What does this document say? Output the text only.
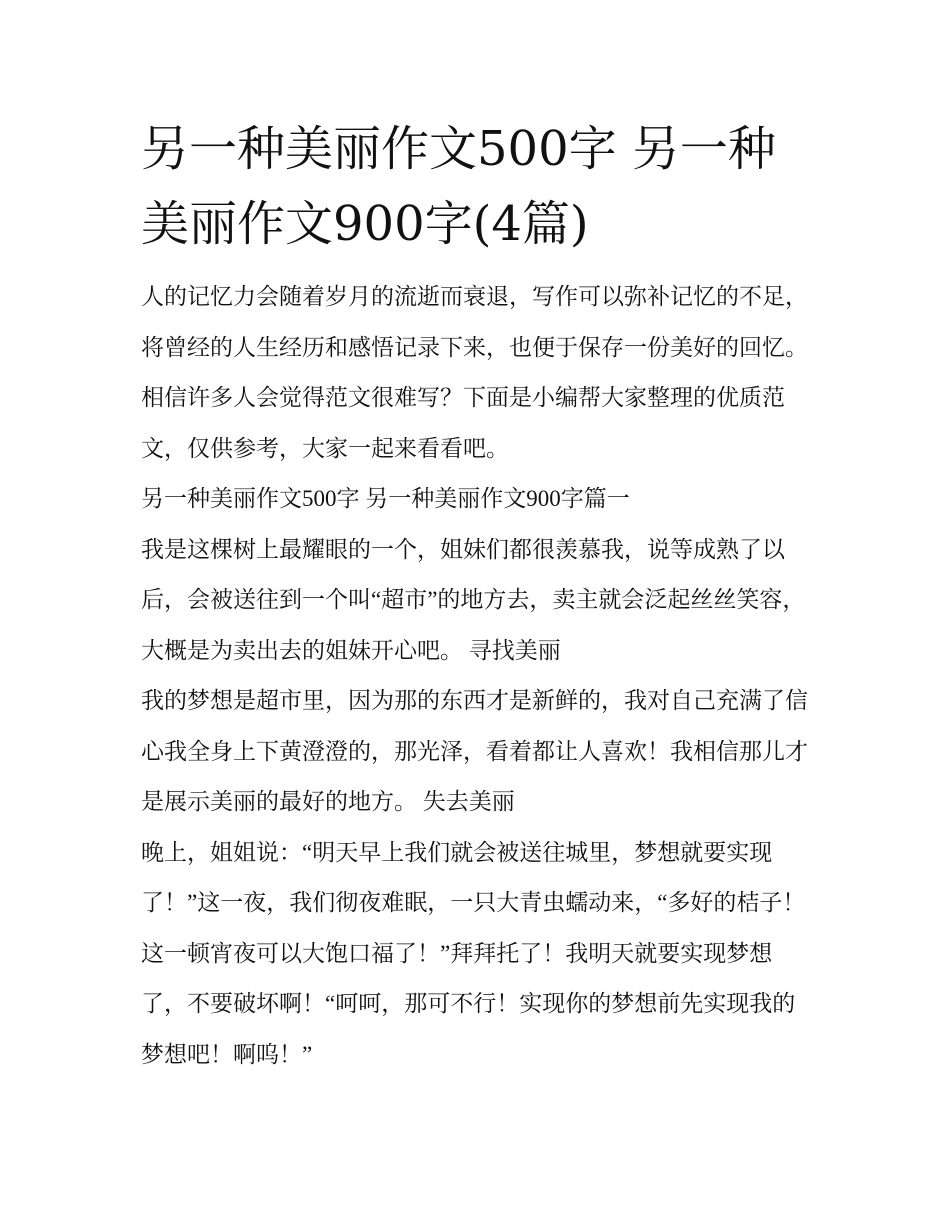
另一种美丽作文500字 另一种美丽作文900字(4篇)

人的记忆力会随着岁月的流逝而衰退，写作可以弥补记忆的不足，将曾经的人生经历和感悟记录下来，也便于保存一份美好的回忆。相信许多人会觉得范文很难写？下面是小编帮大家整理的优质范文，仅供参考，大家一起来看看吧。

另一种美丽作文500字 另一种美丽作文900字篇一

我是这棵树上最耀眼的一个，姐妹们都很羡慕我，说等成熟了以后，会被送往到一个叫“超市”的地方去，卖主就会泛起丝丝笑容，大概是为卖出去的姐妹开心吧。 寻找美丽

我的梦想是超市里，因为那的东西才是新鲜的，我对自己充满了信心我全身上下黄澄澄的，那光泽，看着都让人喜欢！我相信那儿才是展示美丽的最好的地方。 失去美丽

晚上，姐姐说：“明天早上我们就会被送往城里，梦想就要实现了！”这一夜，我们彻夜难眠，一只大青虫蠕动来，“多好的桔子！这一顿宵夜可以大饱口福了！”拜拜托了！我明天就要实现梦想了，不要破坏啊！“呵呵，那可不行！实现你的梦想前先实现我的梦想吧！啊呜！”
